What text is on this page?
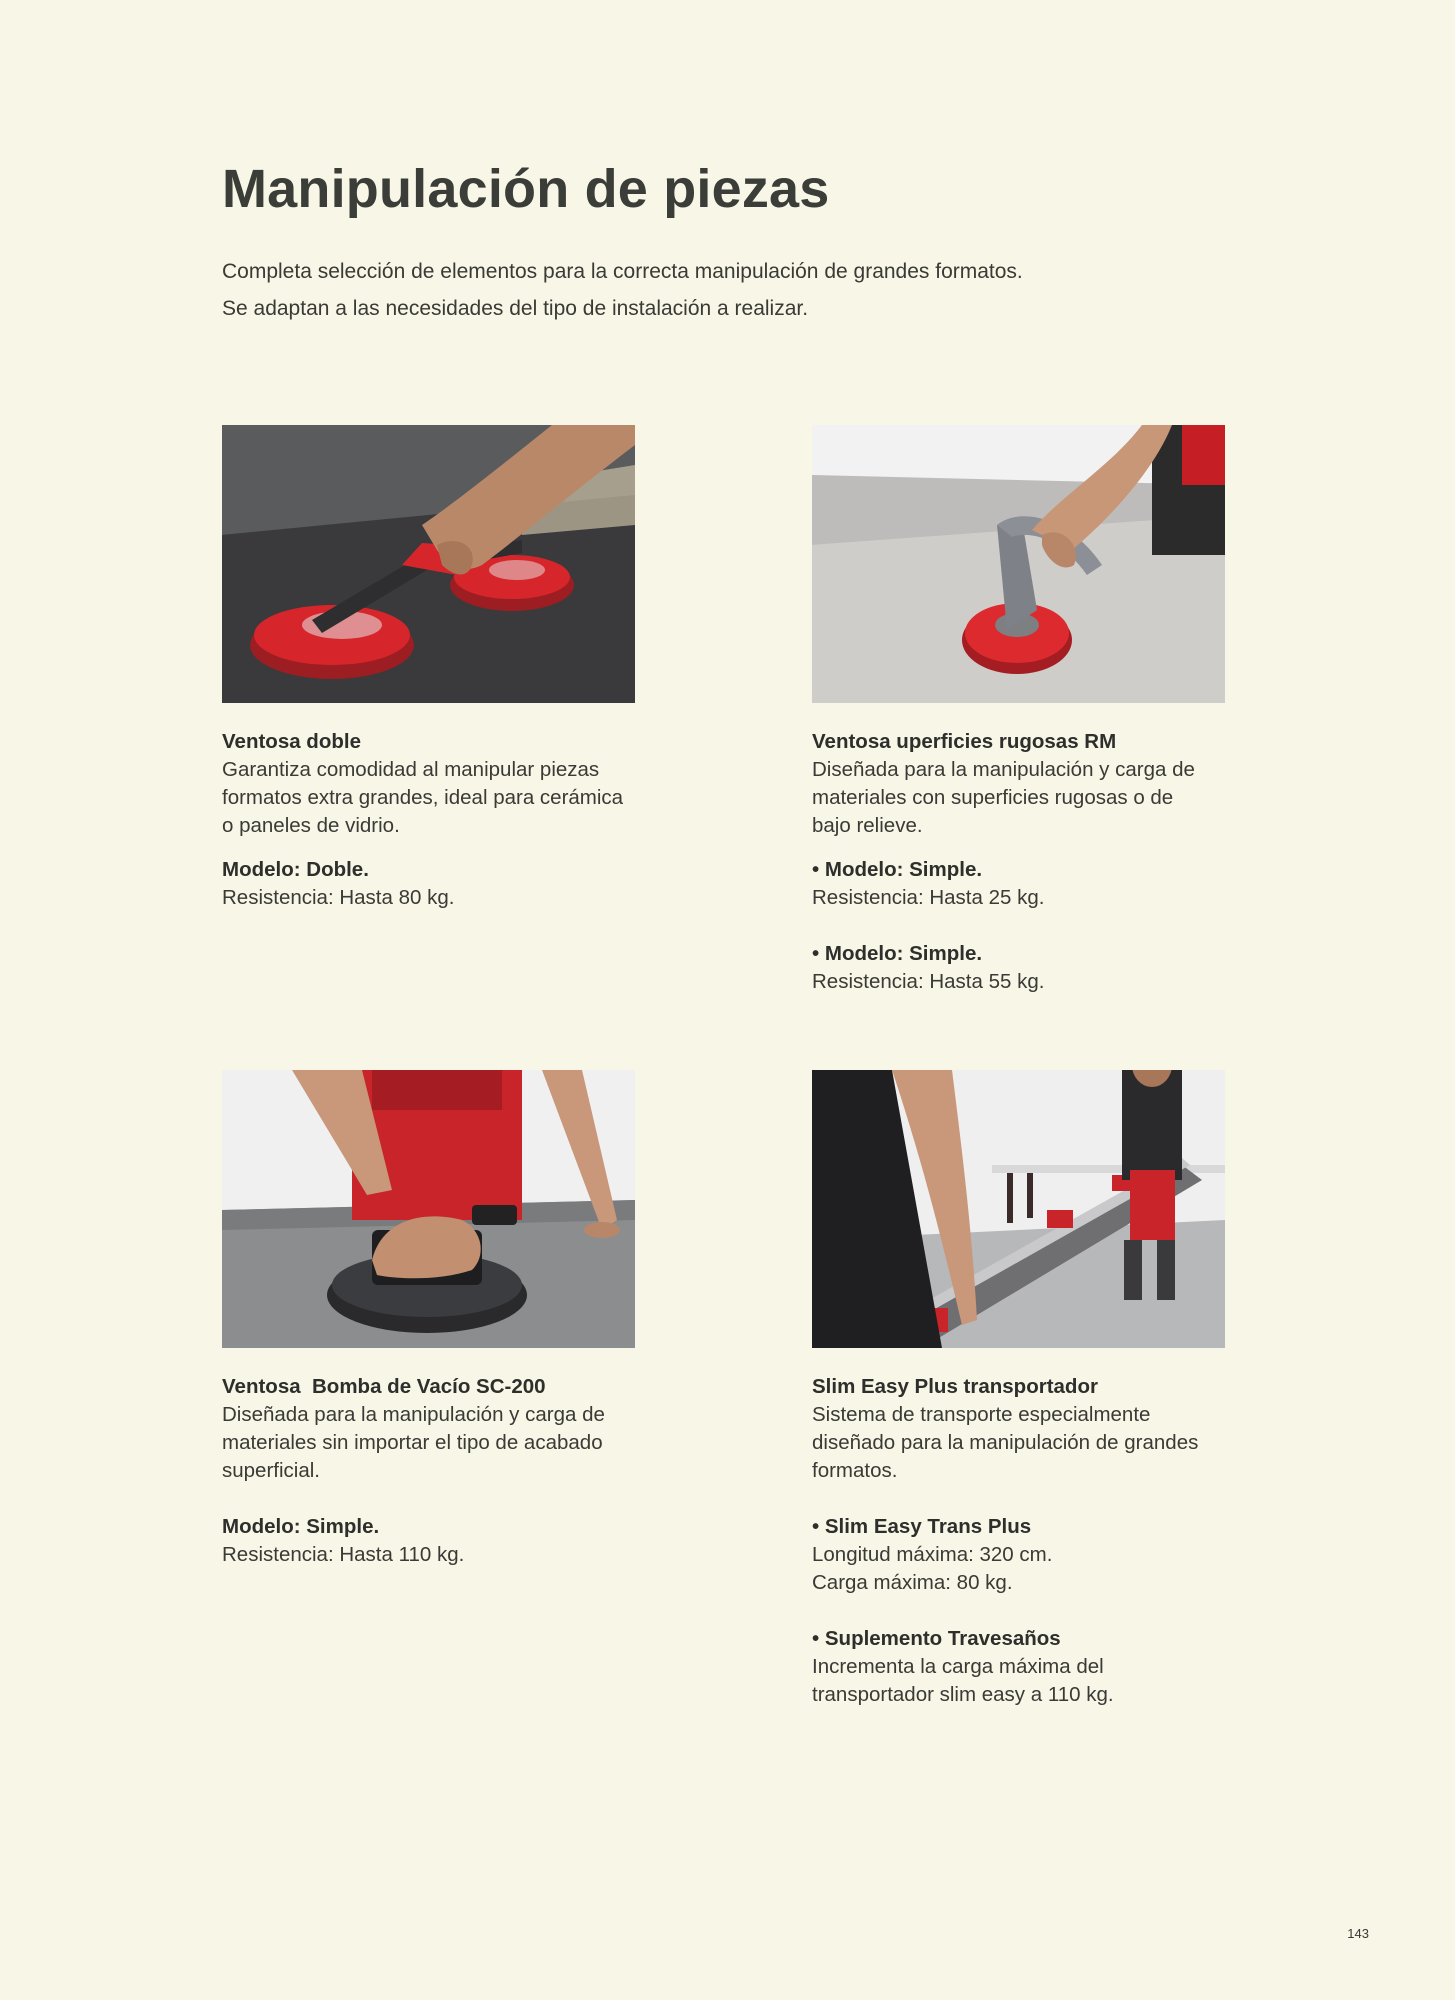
Manipulación de piezas

Completa selección de elementos para la correcta manipulación de grandes formatos.

Se adaptan a las necesidades del tipo de instalación a realizar.

Ventosa doble

Garantiza comodidad al manipular piezas

formatos extra grandes, ideal para cerámica

o paneles de vidrio.

Modelo: Doble.

Resistencia: Hasta 80 kg.

Ventosa uperficies rugosas RM

Diseñada para la manipulación y carga de

materiales con superficies rugosas o de

bajo relieve.

• Modelo: Simple.

Resistencia: Hasta 25 kg.

• Modelo: Simple.

Resistencia: Hasta 55 kg.

Ventosa  Bomba de Vacío SC-200

Diseñada para la manipulación y carga de

materiales sin importar el tipo de acabado

superficial.

Modelo: Simple.

Resistencia: Hasta 110 kg.

Slim Easy Plus transportador

Sistema de transporte especialmente

diseñado para la manipulación de grandes

formatos.

• Slim Easy Trans Plus

Longitud máxima: 320 cm.

Carga máxima: 80 kg.

• Suplemento Travesaños

Incrementa la carga máxima del

transportador slim easy a 110 kg.

143
